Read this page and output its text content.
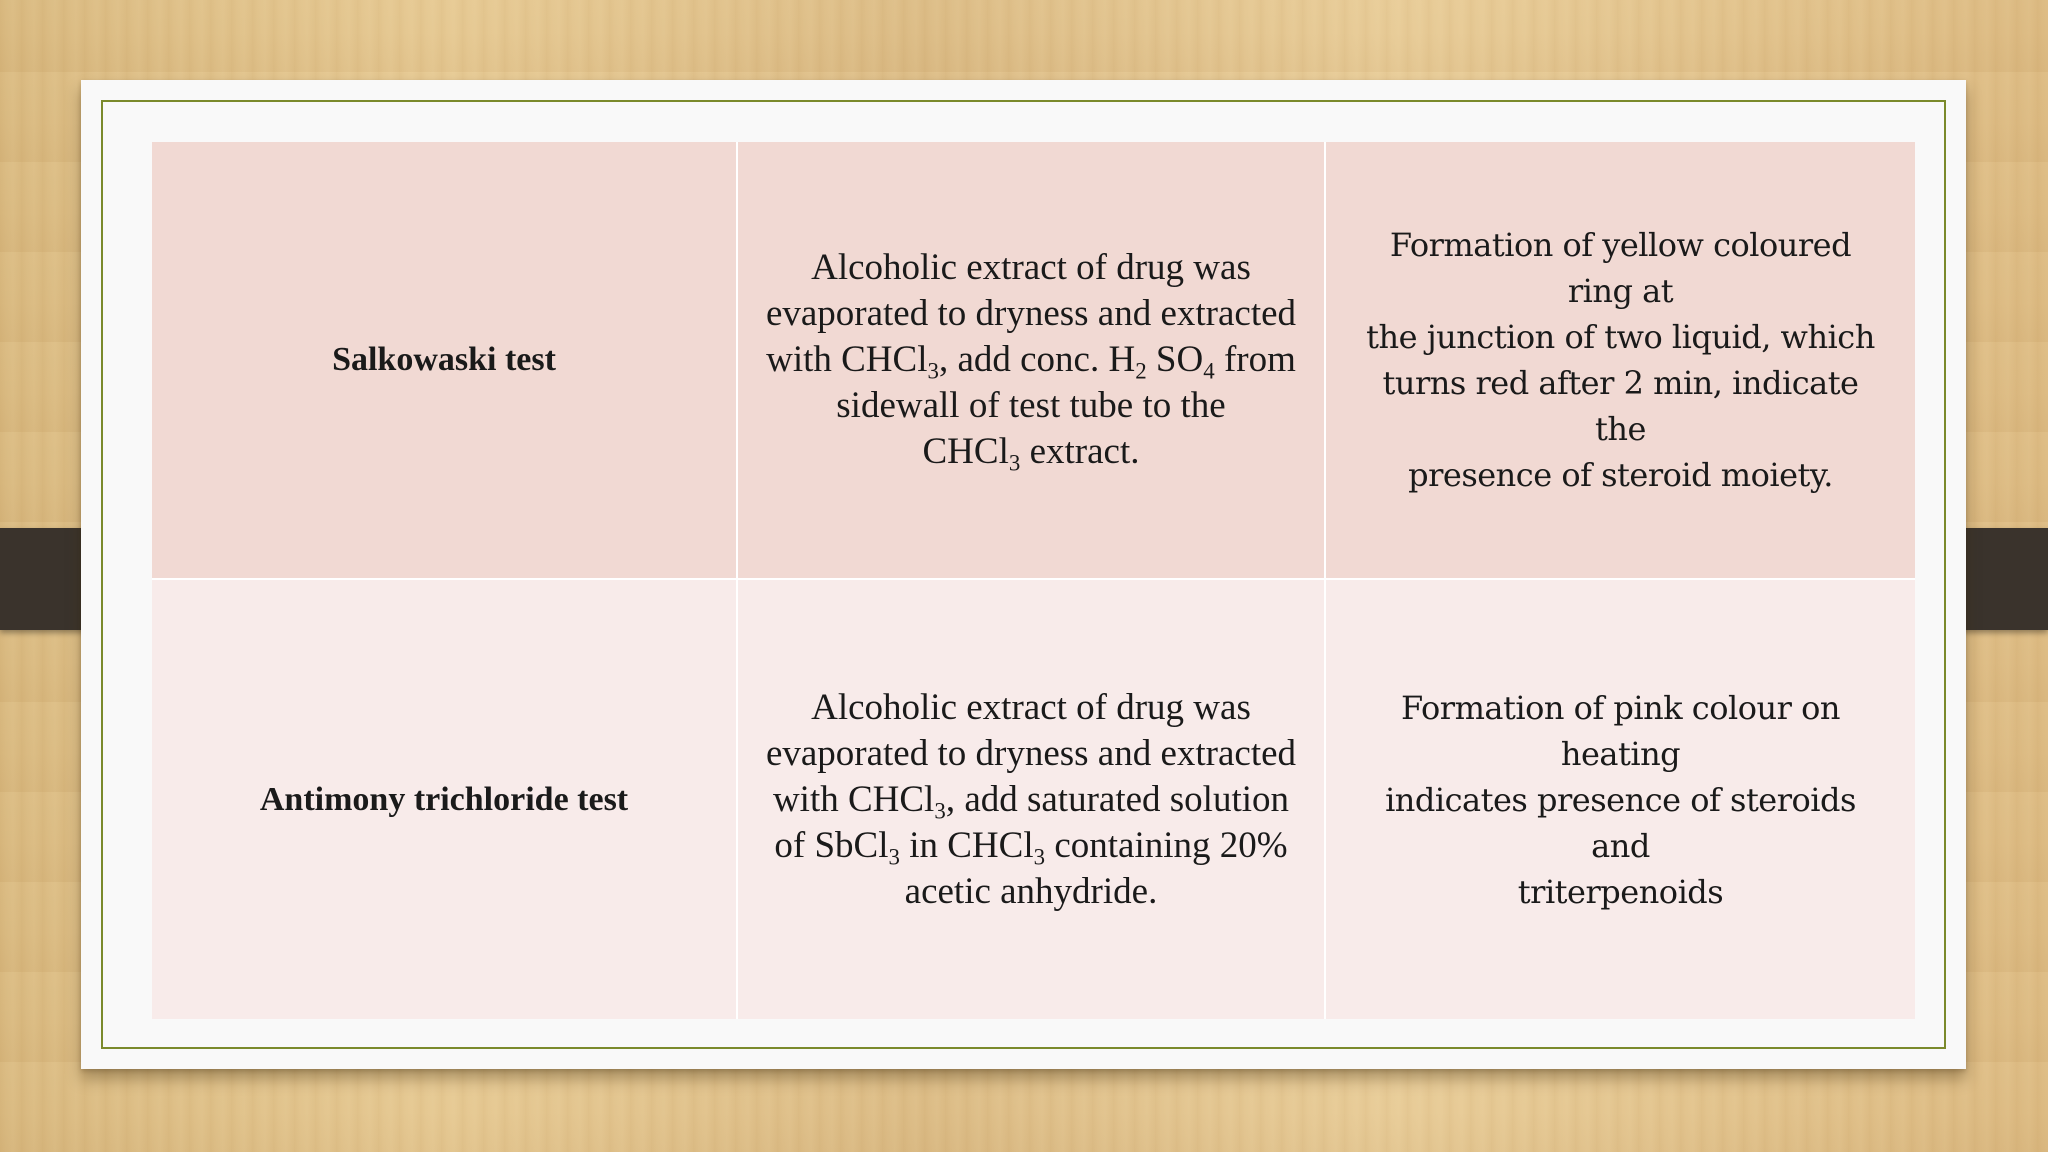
Salkowaski test
Alcoholic extract of drug was
evaporated to dryness and extracted
with CHCl$_3$, add conc. $H_2$ $SO_4$ from
sidewall of test tube to the
CHCl$_3$ extract.
Formation of yellow coloured ring at
the junction of two liquid, which
turns red after 2 min, indicate the
presence of steroid moiety.
Antimony trichloride test
Alcoholic extract of drug was
evaporated to dryness and extracted
with CHCl$_3$, add saturated solution
of SbCl$_3$ in CHCl$_3$ containing 20%
acetic anhydride.
Formation of pink colour on heating
indicates presence of steroids and
triterpenoids
